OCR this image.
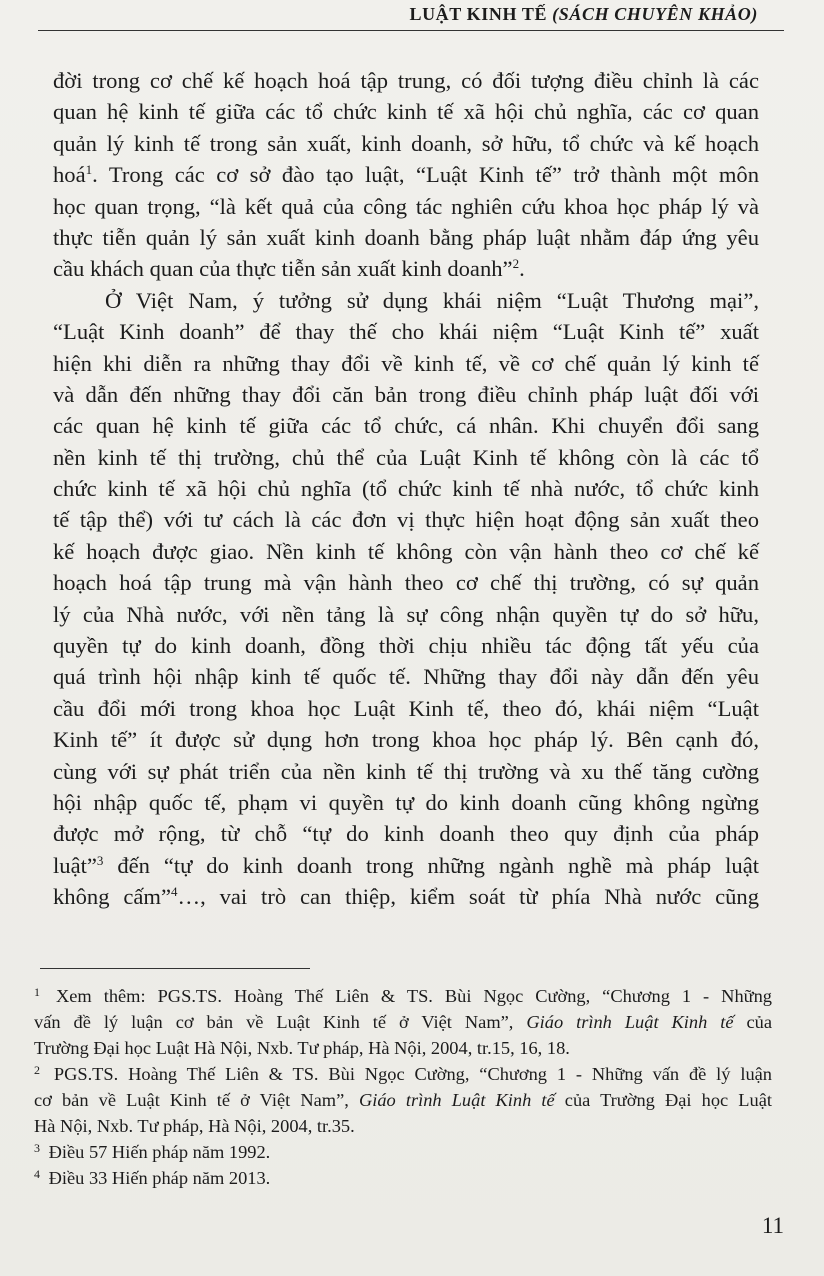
LUẬT KINH TẾ (SÁCH CHUYÊN KHẢO)
đời trong cơ chế kế hoạch hoá tập trung, có đối tượng điều chỉnh là các
quan hệ kinh tế giữa các tổ chức kinh tế xã hội chủ nghĩa, các cơ quan
quản lý kinh tế trong sản xuất, kinh doanh, sở hữu, tổ chức và kế hoạch
hoá$^1$. Trong các cơ sở đào tạo luật, “Luật Kinh tế” trở thành một môn
học quan trọng, “là kết quả của công tác nghiên cứu khoa học pháp lý và
thực tiễn quản lý sản xuất kinh doanh bằng pháp luật nhằm đáp ứng yêu
cầu khách quan của thực tiễn sản xuất kinh doanh”$^2$.
Ở Việt Nam, ý tưởng sử dụng khái niệm “Luật Thương mại”,
“Luật Kinh doanh” để thay thế cho khái niệm “Luật Kinh tế” xuất
hiện khi diễn ra những thay đổi về kinh tế, về cơ chế quản lý kinh tế
và dẫn đến những thay đổi căn bản trong điều chỉnh pháp luật đối với
các quan hệ kinh tế giữa các tổ chức, cá nhân. Khi chuyển đổi sang
nền kinh tế thị trường, chủ thể của Luật Kinh tế không còn là các tổ
chức kinh tế xã hội chủ nghĩa (tổ chức kinh tế nhà nước, tổ chức kinh
tế tập thể) với tư cách là các đơn vị thực hiện hoạt động sản xuất theo
kế hoạch được giao. Nền kinh tế không còn vận hành theo cơ chế kế
hoạch hoá tập trung mà vận hành theo cơ chế thị trường, có sự quản
lý của Nhà nước, với nền tảng là sự công nhận quyền tự do sở hữu,
quyền tự do kinh doanh, đồng thời chịu nhiều tác động tất yếu của
quá trình hội nhập kinh tế quốc tế. Những thay đổi này dẫn đến yêu
cầu đổi mới trong khoa học Luật Kinh tế, theo đó, khái niệm “Luật
Kinh tế” ít được sử dụng hơn trong khoa học pháp lý. Bên cạnh đó,
cùng với sự phát triển của nền kinh tế thị trường và xu thế tăng cường
hội nhập quốc tế, phạm vi quyền tự do kinh doanh cũng không ngừng
được mở rộng, từ chỗ “tự do kinh doanh theo quy định của pháp
luật”$^3$ đến “tự do kinh doanh trong những ngành nghề mà pháp luật
không cấm”$^4$…, vai trò can thiệp, kiểm soát từ phía Nhà nước cũng
$^1$ Xem thêm: PGS.TS. Hoàng Thế Liên & TS. Bùi Ngọc Cường, “Chương 1 - Những
vấn đề lý luận cơ bản về Luật Kinh tế ở Việt Nam”, Giáo trình Luật Kinh tế của
Trường Đại học Luật Hà Nội, Nxb. Tư pháp, Hà Nội, 2004, tr.15, 16, 18.
$^2$ PGS.TS. Hoàng Thế Liên & TS. Bùi Ngọc Cường, “Chương 1 - Những vấn đề lý luận
cơ bản về Luật Kinh tế ở Việt Nam”, Giáo trình Luật Kinh tế của Trường Đại học Luật
Hà Nội, Nxb. Tư pháp, Hà Nội, 2004, tr.35.
$^3$ Điều 57 Hiến pháp năm 1992.
$^4$ Điều 33 Hiến pháp năm 2013.
11
